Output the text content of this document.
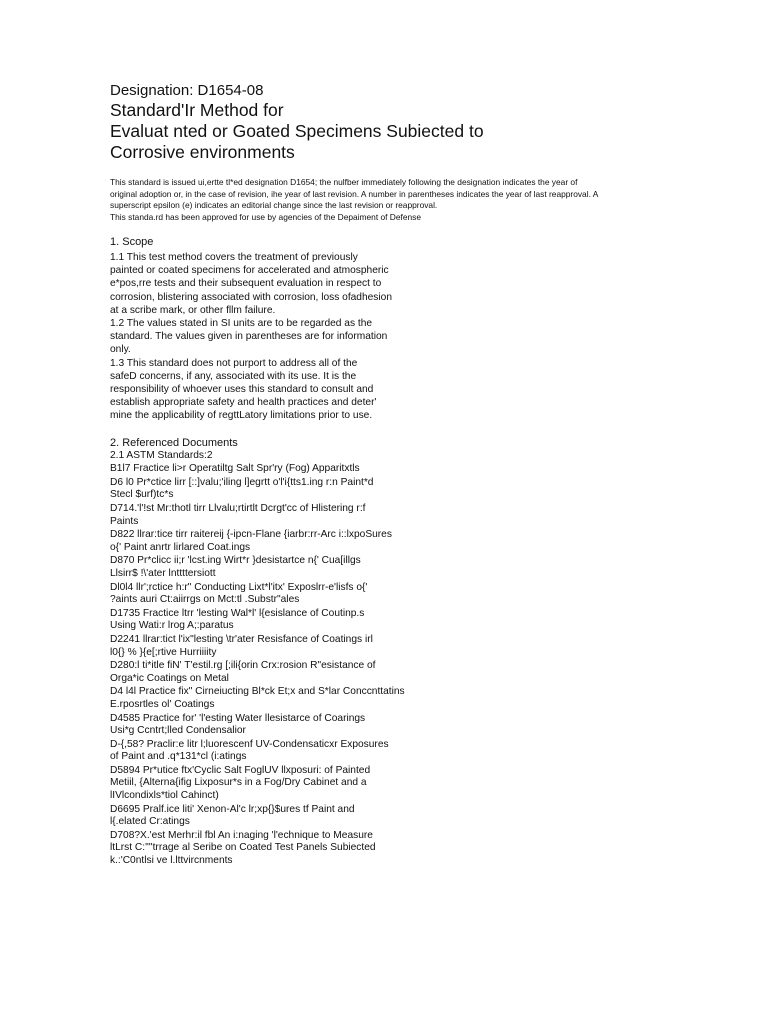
Designation: D1654-08

Standard'Ir Method for

Evaluat nted or Goated Specimens Subiected to

Corrosive environments

This standard is issued ui,ertte tl*ed designation D1654; the nulfber immediately following the designation indicates the year of
original adoption or, in the case of revision, ihe year of last revision. A number in parentheses indicates the year of last reapproval. A
superscript epsilon (e) indicates an editorial change since the last revision or reapproval.
This standa.rd has been approved for use by agencies of the Depaiment of Defense
1. Scope
1.1 This test method covers the treatment of previously
painted or coated specimens for accelerated and atmospheric
e*pos,rre tests and their subsequent evaluation in respect to
corrosion, blistering associated with corrosion, loss ofadhesion
at a scribe mark, or other fllm failure.
1.2 The values stated in SI units are to be regarded as the
standard. The values given in parentheses are for information
only.
1.3 This standard does not purport to address all of the
safeD concerns, if any, associated with its use. It is the
responsibility of whoever uses this standard to consult and
establish appropriate safety and health practices and deter'
mine the applicability of regttLatory limitations prior to use.
2. Referenced Documents
2.1 ASTM Standards:2
B1l7 Fractice li>r Operatiltg Salt Spr'ry (Fog) Apparitxtls
D6 l0 Pr*ctice lirr [::]valu;'iling l]egrtt o'l'i{tts1.ing r:n Paint*d
Stecl $urf)tc*s
D714.'l'!st Mr:thotl tirr Llvalu;rtirtlt Dcrgt'cc of Hlistering r:f
Paints
D822 llrar:tice tirr raitereij {-ipcn-Flane {iarbr:rr-Arc i::lxpoSures
o{' Paint anrtr lirlared Coat.ings
D870 Pr*clicc ii;r 'lcst.ing Wirt*r }desistartce n{' Cua[illgs
Llsirr$ !\'ater lnttttersiott
Dl0l4 llr';rctice h:r" Conducting Lixt*l'itx' Exposlrr-e'lisfs o{'
?aints auri Ct:aiirrgs on Mct:tl .Substr"ales
D1735 Fractice ltrr 'lesting Wal*l' l{esislance of Coutinp.s
Using Wati:r lrog A;:paratus
D2241 llrar:tict l'ix"lesting \tr'ater Resisfance of Coatings irl
l0{} % }{e[;rtive Hurriiiity
D280:l ti*itle fiN' T'estil.rg [;ili{orin Crx:rosion R"esistance of
Orga*ic Coatings on Metal
D4 l4l Practice fix" Cirneiucting Bl*ck Et;x and S*lar Conccnttatins
E.rposrtles ol' Coatings
D4585 Practice for' 'l'esting Water llesistarce of Coarings
Usi*g Ccntrt;lled Condensalior
D-{,58? Praclir:e litr l;luorescenf UV-Condensaticxr Exposures
of Paint and .q*131*cl (i:atings
D5894 Pr*utice ftx'Cyclic Salt FoglUV llxposuri: of Painted
Metiil, {Alterna{ifig Lixposur*s in a Fog/Dry Cabinet and a
lIVlcondixls*tiol Cahinct)
D6695 Pralf.ice liti' Xenon-Al'c lr;xp{}$ures tf Paint and
l{.elated Cr:atings
D708?X.'est Merhr:il fbl An i:naging 'l'echnique to Measure
ltLrst C:'"'trrage al Seribe on Coated Test Panels Subiected
k.:'C0ntlsi ve l.lttvircnments
